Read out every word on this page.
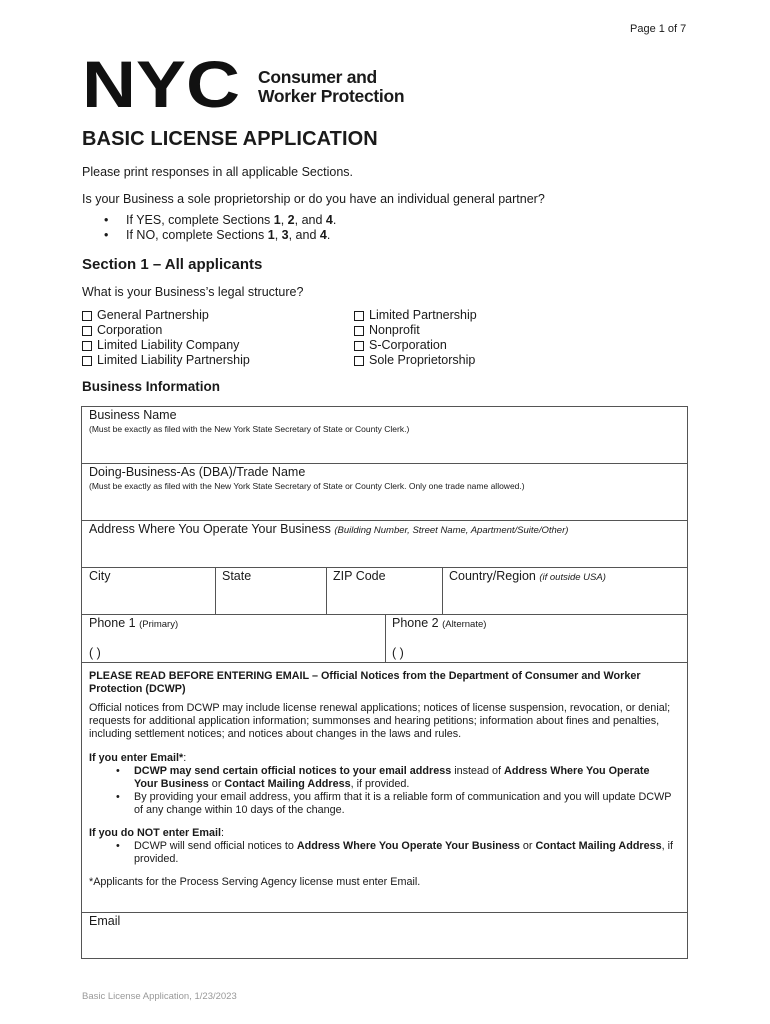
Page 1 of 7
NYC Consumer and
Worker Protection
BASIC LICENSE APPLICATION
Please print responses in all applicable Sections.
Is your Business a sole proprietorship or do you have an individual general partner?
• If YES, complete Sections 1, 2, and 4.
• If NO, complete Sections 1, 3, and 4.
Section 1 – All applicants
What is your Business’s legal structure?
General Partnership
Corporation
Limited Liability Company
Limited Liability Partnership
Limited Partnership
Nonprofit
S-Corporation
Sole Proprietorship
Business Information
Business Name
(Must be exactly as filed with the New York State Secretary of State or County Clerk.)
Doing-Business-As (DBA)/Trade Name
(Must be exactly as filed with the New York State Secretary of State or County Clerk. Only one trade name allowed.)
Address Where You Operate Your Business (Building Number, Street Name, Apartment/Suite/Other)
City	State	ZIP Code	Country/Region (if outside USA)
Phone 1 (Primary)
( )
Phone 2 (Alternate)
( )
PLEASE READ BEFORE ENTERING EMAIL – Official Notices from the Department of Consumer and Worker Protection (DCWP)
Official notices from DCWP may include license renewal applications; notices of license suspension, revocation, or denial; requests for additional application information; summonses and hearing petitions; information about fines and penalties, including settlement notices; and notices about changes in the laws and rules.
If you enter Email*:
• DCWP may send certain official notices to your email address instead of Address Where You Operate Your Business or Contact Mailing Address, if provided.
• By providing your email address, you affirm that it is a reliable form of communication and you will update DCWP of any change within 10 days of the change.
If you do NOT enter Email:
• DCWP will send official notices to Address Where You Operate Your Business or Contact Mailing Address, if provided.
*Applicants for the Process Serving Agency license must enter Email.
Email
Basic License Application, 1/23/2023
